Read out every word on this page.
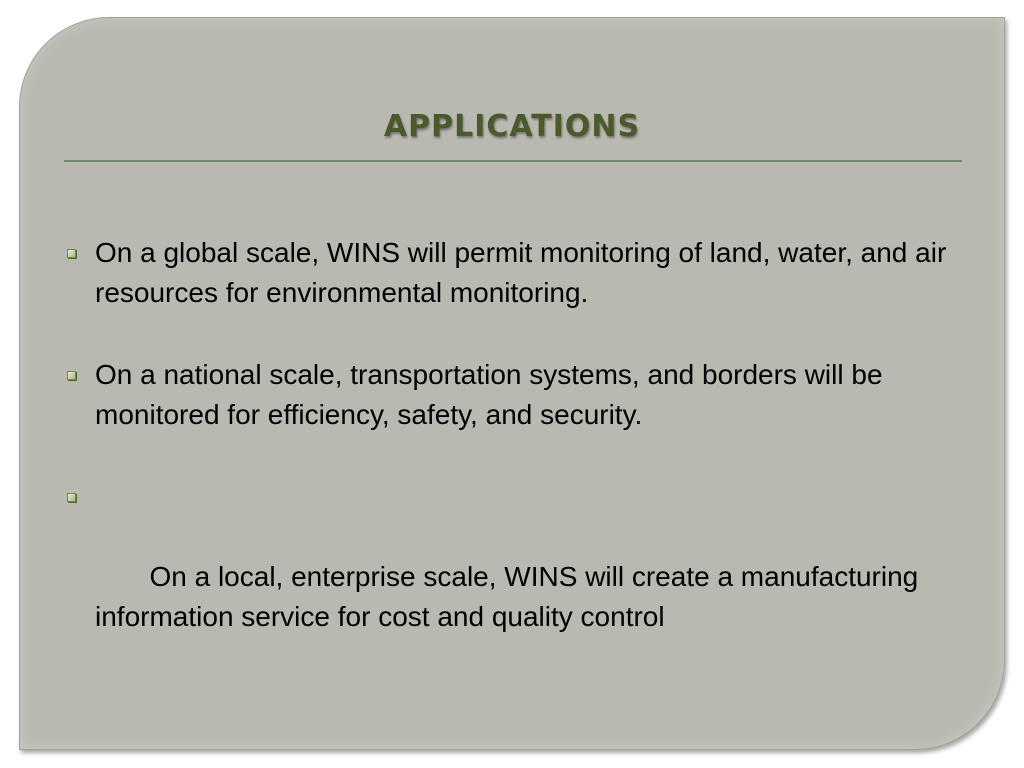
APPLICATIONS
On a global scale, WINS will permit monitoring of land, water, and air resources for environmental monitoring.
On a national scale, transportation systems, and borders will be monitored for efficiency, safety, and security.

On a local, enterprise scale, WINS will create a manufacturing information service for cost and quality control
